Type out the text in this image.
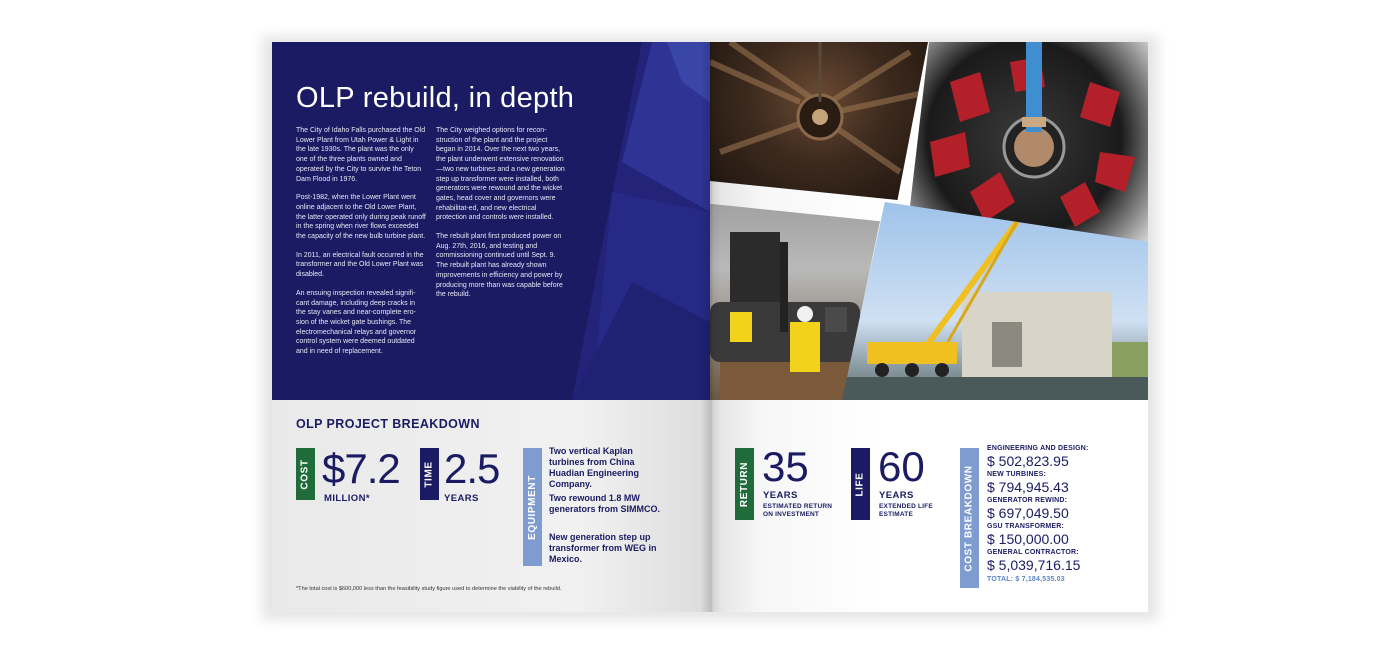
OLP rebuild, in depth

The City of Idaho Falls purchased the Old Lower Plant from Utah Power & Light in the late 1930s. The plant was the only one of the three plants owned and operated by the City to survive the Teton Dam Flood in 1976.

Post-1982, when the Lower Plant went online adjacent to the Old Lower Plant, the latter operated only during peak runoff in the spring when river flows exceeded the capacity of the new bulb turbine plant.

In 2011, an electrical fault occurred in the transformer and the Old Lower Plant was disabled.

An ensuing inspection revealed signifi-cant damage, including deep cracks in the stay vanes and near-complete ero-sion of the wicket gate bushings. The electromechanical relays and governor control system were deemed outdated and in need of replacement.

The City weighed options for recon-struction of the plant and the project began in 2014. Over the next two years, the plant underwent extensive renovation—two new turbines and a new generation step up transformer were installed, both generators were rewound and the wicket gates, head cover and governors were rehabilitat-ed, and new electrical protection and controls were installed.

The rebuilt plant first produced power on Aug. 27th, 2016, and testing and commissioning continued until Sept. 9. The rebuilt plant has already shown improvements in efficiency and power by producing more than was capable before the rebuild.

OLP PROJECT BREAKDOWN
COST $7.2
MILLION*
TIME 2.5
YEARS	EQUIPMENT
Two vertical Kaplan turbines from China Huadian Engineering Company.
Two rewound 1.8 MW generators from SIMMCO.
New generation step up transformer from WEG in Mexico.
*The total cost is $600,000 less than the feasibility study figure used to determine the viability of the rebuild.
RETURN 35
YEARS
ESTIMATED RETURN ON INVESTMENT
LIFE 60
YEARS
EXTENDED LIFE ESTIMATE	COST BREAKDOWN
ENGINEERING AND DESIGN:
$ 502,823.95
NEW TURBINES:
$ 794,945.43
GENERATOR REWIND:
$ 697,049.50
GSU TRANSFORMER:
$ 150,000.00
GENERAL CONTRACTOR:
$ 5,039,716.15
TOTAL: $ 7,184,535.03
